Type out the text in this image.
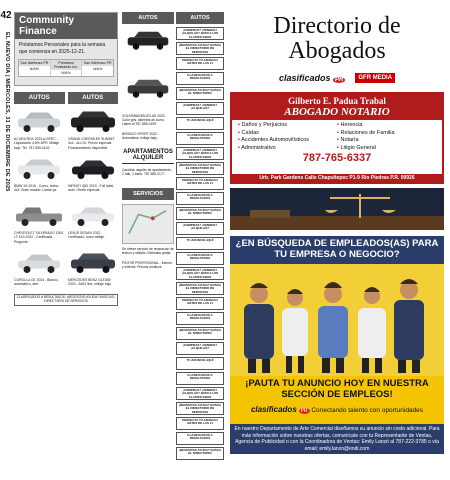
42
EL NUEVO DÍA | MIÉRCOLES, 31 DE DICIEMBRE DE 2025
Community Finance
Préstamos Personales para la semana que comienza en 2025-12-21.
San Ildefonso PR
N/A%
Préstamo Prestlando Inc.
N/A%
San Ildefonso PR
N/A%
AUTOS	AUTOS
ACURA RDX 2023 A-SPEC - Liquidación 4.5% APR. Millaje bajo. Tel. 787-555-0142
GRAND CHEROKEE SUMMIT 4x4 - Aro 20. Precio especial. Financiamiento disponible.
BMW X5 2016 - Cuero, techo, 4x4. Buen estado. Llame ya.
INFINITI Q50 2019 - Full label, auto. Oferta especial.
CHEVROLET SILVERADO 1500 LT 4X4 2022 - Certificada. Pregunte.
LEXUS SEDAN 2022 - Certificado, buen millaje.
COROLLA CE 2024 - Blanco, automático, aire.
MERCEDES BENZ GLE350 2023 - AMG line, millaje bajo.
CLASIFICADOS A RESULTADOS: ¡NECESITAS AYUDA? BUSCA EL DIRECTORIO DE SERVICIOS
AUTOS
VOLKSWAGEN ATLAS 2023 - Color gris, asientos de cuero. Llame al 787-555-0199.
BRONCO SPORT 2022 - Automática, millaje bajo.
APARTAMENTOS ALQUILER
Carolina: alquiler de apartamento, 2 hab, 1 baño. 787-555-0177.
SERVICIOS
Se ofrece servicio de reparación de techos y sellado. Estimado gratis.
PINTOR PROFESIONAL - Interior y exterior. Precios módicos.
AUTOS
¡COMPRAS? ¡VENDES? ¡ALQUILAS? BUSCA LOS CLASIFICADOS
¡NECESITAS AYUDA? BUSCA EL DIRECTORIO DE SERVICIOS
PERFECTA TU ANUNCIO ANTES DE LAS 11
CLASIFICADOS A RESULTADOS
¡NECESITAS AYUDA? BUSCA EL DIRECTORIO
¡COMPRAS? ¡VENDES? ¡ALQUILAS?
TU ANUNCIO AQUÍ
CLASIFICADOS A RESULTADOS
¡COMPRAS? ¡VENDES? ¡ALQUILAS? BUSCA LOS CLASIFICADOS
¡NECESITAS AYUDA? BUSCA EL DIRECTORIO DE SERVICIOS
PERFECTA TU ANUNCIO ANTES DE LAS 11
CLASIFICADOS A RESULTADOS
¡NECESITAS AYUDA? BUSCA EL DIRECTORIO
¡COMPRAS? ¡VENDES? ¡ALQUILAS?
TU ANUNCIO AQUÍ
CLASIFICADOS A RESULTADOS
¡COMPRAS? ¡VENDES? ¡ALQUILAS? BUSCA LOS CLASIFICADOS
¡NECESITAS AYUDA? BUSCA EL DIRECTORIO DE SERVICIOS
PERFECTA TU ANUNCIO ANTES DE LAS 11
CLASIFICADOS A RESULTADOS
¡NECESITAS AYUDA? BUSCA EL DIRECTORIO
¡COMPRAS? ¡VENDES? ¡ALQUILAS?
TU ANUNCIO AQUÍ
CLASIFICADOS A RESULTADOS
¡COMPRAS? ¡VENDES? ¡ALQUILAS? BUSCA LOS CLASIFICADOS
¡NECESITAS AYUDA? BUSCA EL DIRECTORIO DE SERVICIOS
PERFECTA TU ANUNCIO ANTES DE LAS 11
CLASIFICADOS A RESULTADOS
¡NECESITAS AYUDA? BUSCA EL DIRECTORIO
Directorio de
Abogados
clasificados PR	GFR MEDIA
Gilberto E. Padua Trabal
ABOGADO NOTARIO
▪ Daños y Perjuicios
▪ Caídas
▪ Accidentes Automovilísticos
▪ Administrativo
▪ Herencia
▪ Relaciones de Familia
▪ Notaría
▪ Litigio General
787-765-6337
Urb. Park Gardens Calle Chapultepec P1-9 Río Piedras P.R. 00926
¿EN BÚSQUEDA DE EMPLEADOS(AS) PARA TU EMPRESA O NEGOCIO?
¡PAUTA TU ANUNCIO HOY EN NUESTRA SECCIÓN DE EMPLEOS!
clasificados PR Conectando talento con oportunidades
En nuestro Departamento de Arte Comercial diseñamos su anuncio sin costo adicional. Para más información sobre nuestras ofertas, comunícate con tu Representante de Ventas, Agencia de Publicidad o con la Coordinadora de Ventas: Emily Lanzó al 787-222-3785 o vía email; emily.lanzo@endi.com
